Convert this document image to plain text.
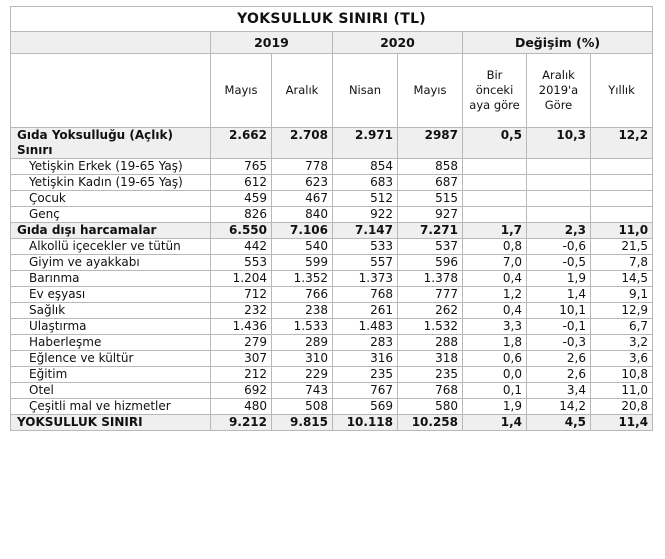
YOKSULLUK SINIRI (TL)							
	2019		2020		Değişim (%)		
	Mayıs	Aralık	Nisan	Mayıs	Bir önceki aya göre	Aralık 2019'a Göre	Yıllık
Gıda Yoksulluğu (Açlık) Sınırı	2.662	2.708	2.971	2987	0,5	10,3	12,2
Yetişkin Erkek (19-65 Yaş)	765	778	854	858			
Yetişkin Kadın (19-65 Yaş)	612	623	683	687			
Çocuk	459	467	512	515			
Genç	826	840	922	927			
Gıda dışı harcamalar	6.550	7.106	7.147	7.271	1,7	2,3	11,0
Alkollü içecekler ve tütün	442	540	533	537	0,8	-0,6	21,5
Giyim ve ayakkabı	553	599	557	596	7,0	-0,5	7,8
Barınma	1.204	1.352	1.373	1.378	0,4	1,9	14,5
Ev eşyası	712	766	768	777	1,2	1,4	9,1
Sağlık	232	238	261	262	0,4	10,1	12,9
Ulaştırma	1.436	1.533	1.483	1.532	3,3	-0,1	6,7
Haberleşme	279	289	283	288	1,8	-0,3	3,2
Eğlence ve kültür	307	310	316	318	0,6	2,6	3,6
Eğitim	212	229	235	235	0,0	2,6	10,8
Otel	692	743	767	768	0,1	3,4	11,0
Çeşitli mal ve hizmetler	480	508	569	580	1,9	14,2	20,8
YOKSULLUK SINIRI	9.212	9.815	10.118	10.258	1,4	4,5	11,4
